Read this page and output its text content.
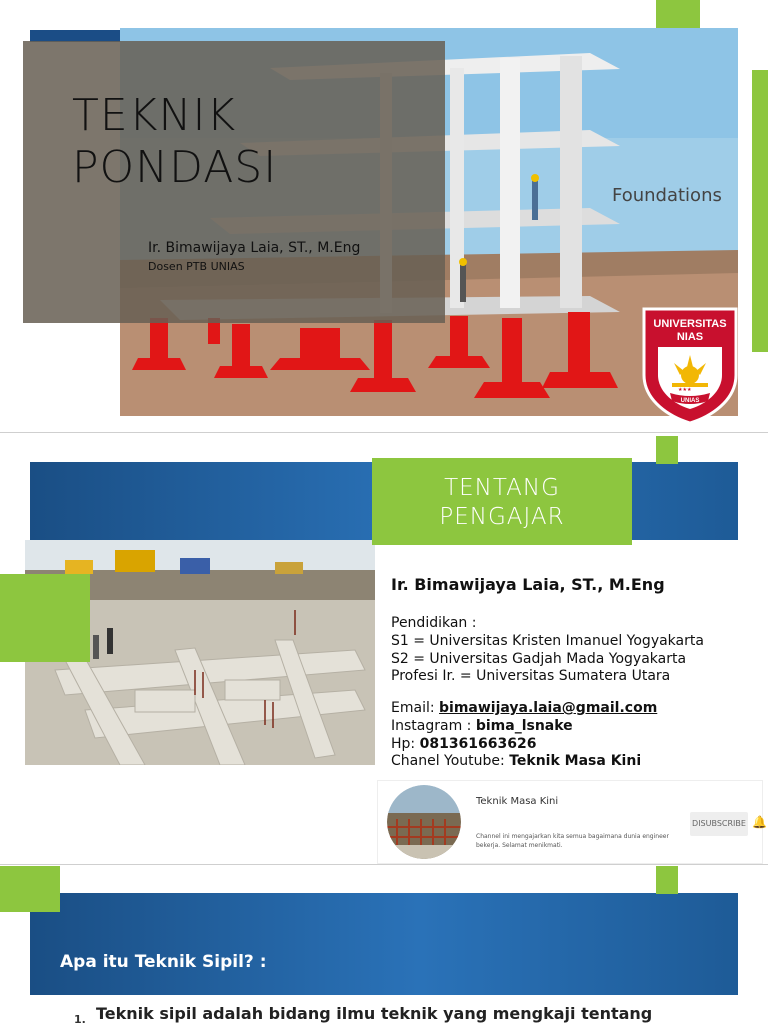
TEKNIK
PONDASI
Ir. Bimawijaya Laia, ST., M.Eng
Dosen PTB UNIAS
Foundations
★★★
UNIVERSITAS
NIAS
UNIAS
TENTANG
PENGAJAR
Ir. Bimawijaya Laia, ST., M.Eng
Pendidikan :
S1 = Universitas Kristen Imanuel Yogyakarta
S2 = Universitas Gadjah Mada Yogyakarta
Profesi Ir. = Universitas Sumatera Utara
Email: bimawijaya.laia@gmail.com
Instagram : bima_lsnake
Hp: 081361663626
Chanel Youtube: Teknik Masa Kini
Teknik Masa Kini
Channel ini mengajarkan kita semua bagaimana dunia engineer bekerja. Selamat menikmati.
DISUBSCRIBE 🔔
Apa itu Teknik Sipil? :
1. Teknik sipil adalah bidang ilmu teknik yang mengkaji tentang
